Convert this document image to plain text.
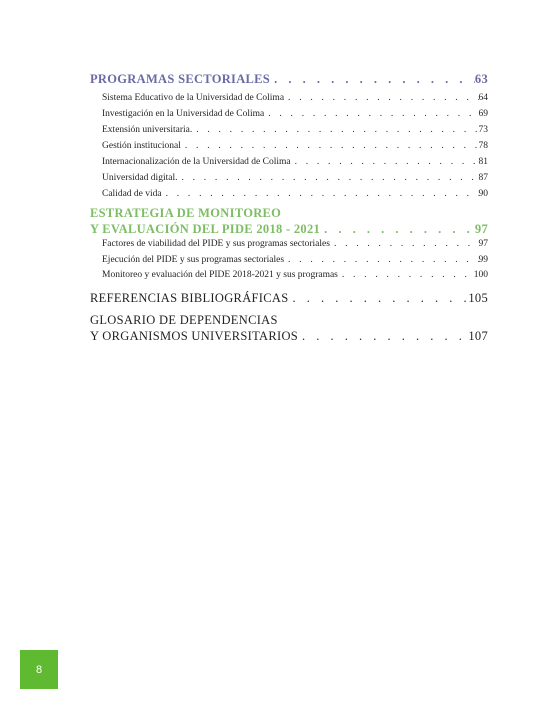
PROGRAMAS SECTORIALES . . .	63
Sistema Educativo de la Universidad de Colima . . .	64
Investigación en la Universidad de Colima . . .	69
Extensión universitaria. . . .	73
Gestión institucional . . .	78
Internacionalización de la Universidad de Colima . . .	81
Universidad digital. . . .	87
Calidad de vida . . .	90
ESTRATEGIA DE MONITOREO
Y EVALUACIÓN DEL PIDE 2018 - 2021 . . .	97
Factores de viabilidad del PIDE y sus programas sectoriales . . .	97
Ejecución del PIDE y sus programas sectoriales . . .	99
Monitoreo y evaluación del PIDE 2018-2021 y sus programas . . .	100
REFERENCIAS BIBLIOGRÁFICAS . . .	105
GLOSARIO DE DEPENDENCIAS
Y ORGANISMOS UNIVERSITARIOS . . .	107
8
